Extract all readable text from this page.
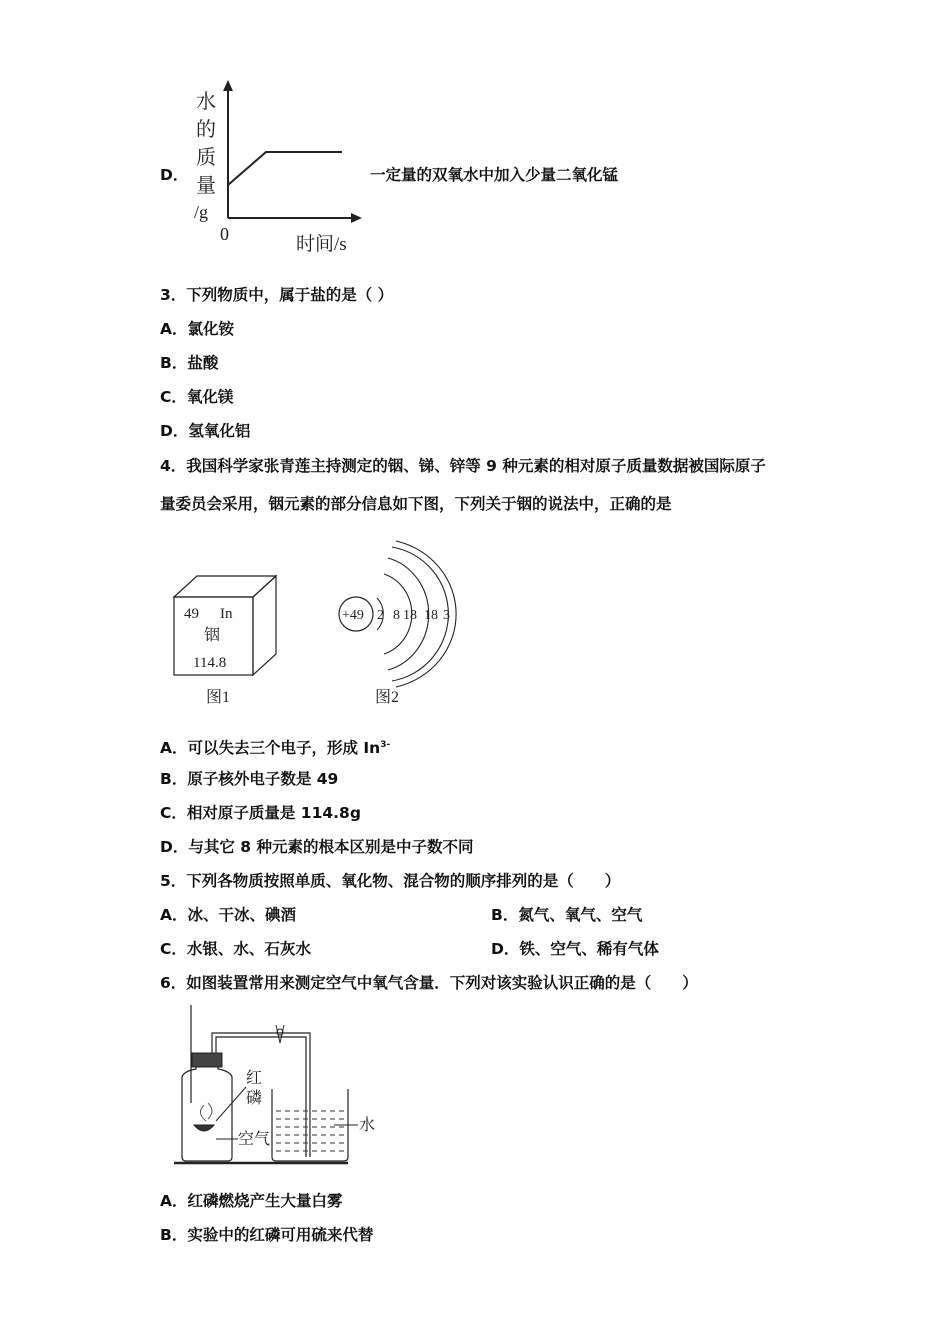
D．
水
的
质
量
/g
0	时间/s
一定量的双氧水中加入少量二氧化锰
3．下列物质中，属于盐的是（ ）
A．氯化铵
B．盐酸
C．氧化镁
D．氢氧化铝
4．我国科学家张青莲主持测定的铟、锑、锌等 9 种元素的相对原子质量数据被国际原子
量委员会采用，铟元素的部分信息如下图，下列关于铟的说法中，正确的是
49 In
铟
114.8
图1
+49 2 8 18 18 3
图2
A．可以失去三个电子，形成 $In^{3-}$
B．原子核外电子数是 49
C．相对原子质量是 114.8g
D．与其它 8 种元素的根本区别是中子数不同
5．下列各物质按照单质、氧化物、混合物的顺序排列的是（　　）
A．冰、干冰、碘酒	B．氮气、氧气、空气
C．水银、水、石灰水	D．铁、空气、稀有气体
6．如图装置常用来测定空气中氧气含量．下列对该实验认识正确的是（　　）
红
磷
空气
水
A．红磷燃烧产生大量白雾
B．实验中的红磷可用硫来代替
